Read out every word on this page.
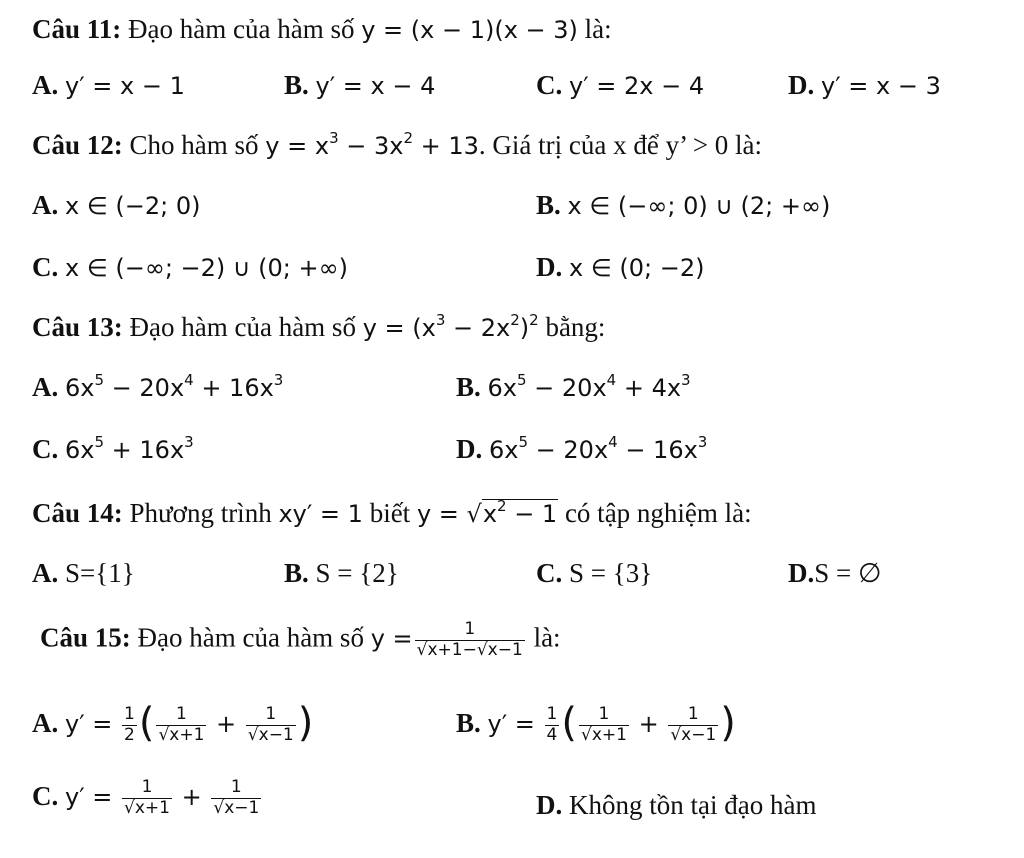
Câu 11: Đạo hàm của hàm số y = (x − 1)(x − 3) là:
A. y′ = x − 1	B. y′ = x − 4	C. y′ = 2x − 4	D. y′ = x − 3
Câu 12: Cho hàm số $y = x^3 - 3x^2 + 13$. Giá trị của x để y’ > 0 là:
A. x ∈ (−2; 0)	B. x ∈ (−∞; 0) ∪ (2; +∞)
C. x ∈ (−∞; −2) ∪ (0; +∞)	D. x ∈ (0; −2)
Câu 13: Đạo hàm của hàm số $y = (x^3 - 2x^2)^2$ bằng:
A. $6x^5 - 20x^4 + 16x^3$	B. $6x^5 - 20x^4 + 4x^3$
C. $6x^5 + 16x^3$	D. $6x^5 - 20x^4 - 16x^3$
Câu 14: Phương trình xy′ = 1 biết $y = √x^2 - 1$ có tập nghiệm là:
A. S={1}	B. S = {2}	C. S = {3}	D.S = ∅
Câu 15: Đạo hàm của hàm số $y = \frac{1}{√x+1-√x-1}$ là:
A. $y' = \frac{1}{2}$ ( $\frac{1}{√x+1} + \frac{1}{√x-1}$ )	B. $y' = \frac{1}{4}$ ( $\frac{1}{√x+1} + \frac{1}{√x-1}$ )
C. $y' = \frac{1}{√x+1} + \frac{1}{√x-1}$	D. Không tồn tại đạo hàm
